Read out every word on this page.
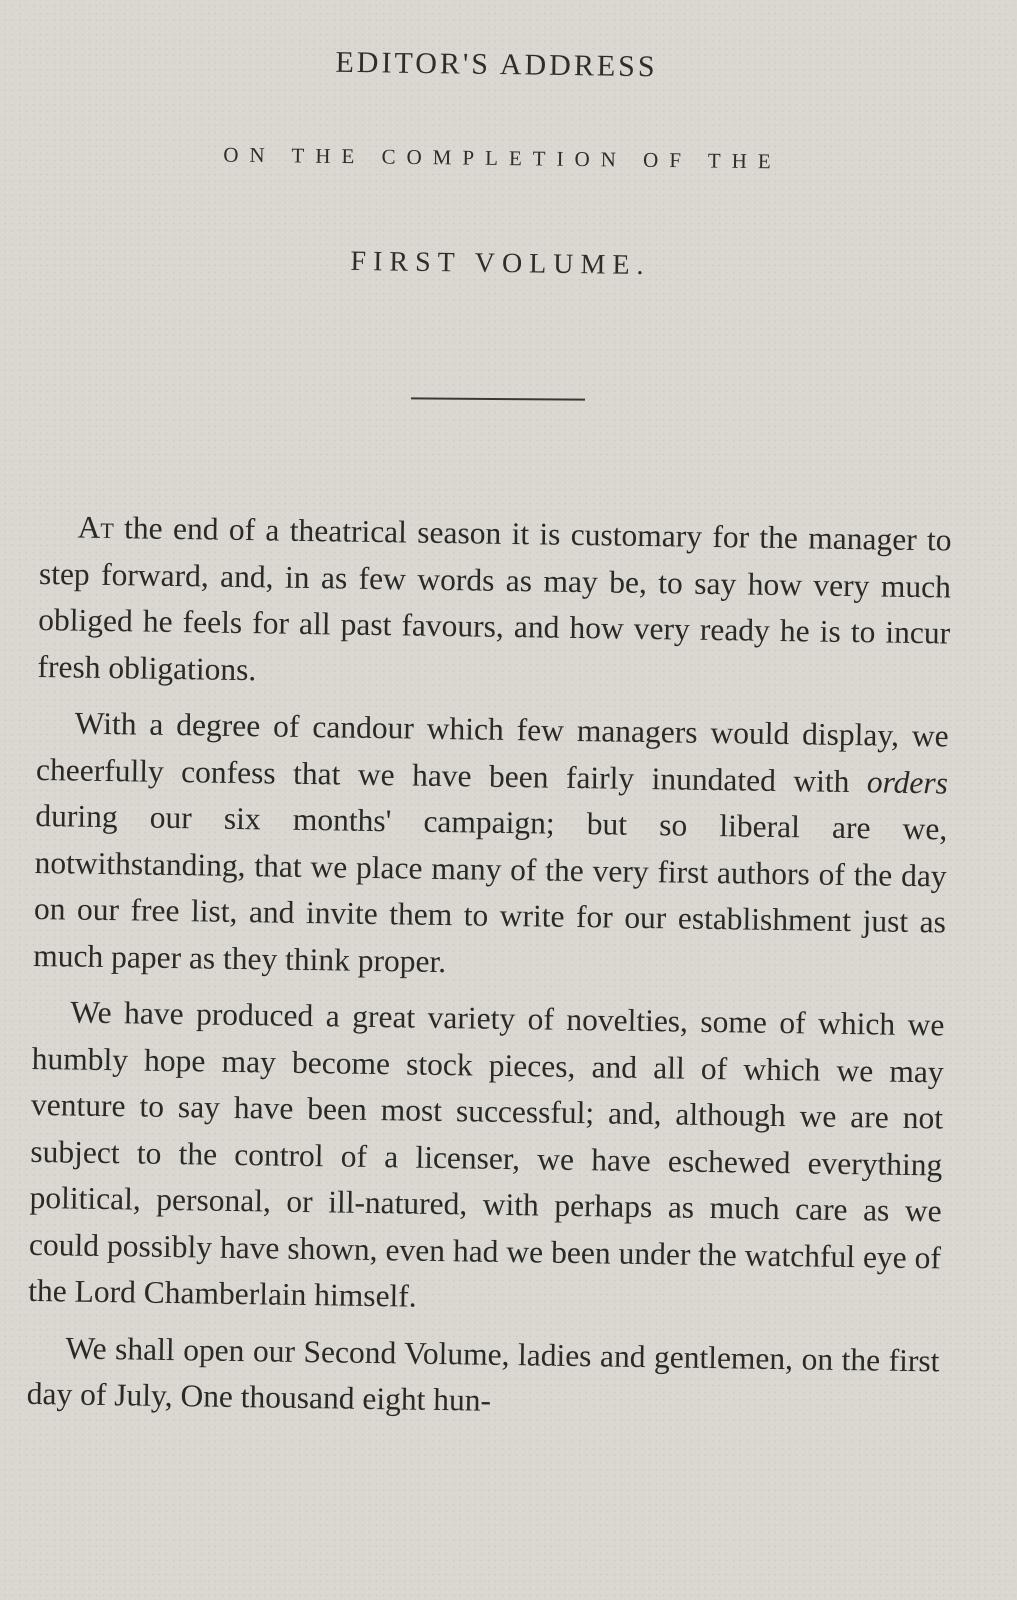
EDITOR'S ADDRESS
ON THE COMPLETION OF THE
FIRST VOLUME.

At the end of a theatrical season it is customary for the manager to step forward, and, in as few words as may be, to say how very much obliged he feels for all past favours, and how very ready he is to incur fresh obligations.

With a degree of candour which few managers would display, we cheerfully confess that we have been fairly inundated with orders during our six months' campaign; but so liberal are we, notwithstanding, that we place many of the very first authors of the day on our free list, and invite them to write for our establishment just as much paper as they think proper.

We have produced a great variety of novelties, some of which we humbly hope may become stock pieces, and all of which we may venture to say have been most successful; and, although we are not subject to the control of a licenser, we have eschewed everything political, personal, or ill-natured, with perhaps as much care as we could possibly have shown, even had we been under the watchful eye of the Lord Chamberlain himself.

We shall open our Second Volume, ladies and gentlemen, on the first day of July, One thousand eight hun-
